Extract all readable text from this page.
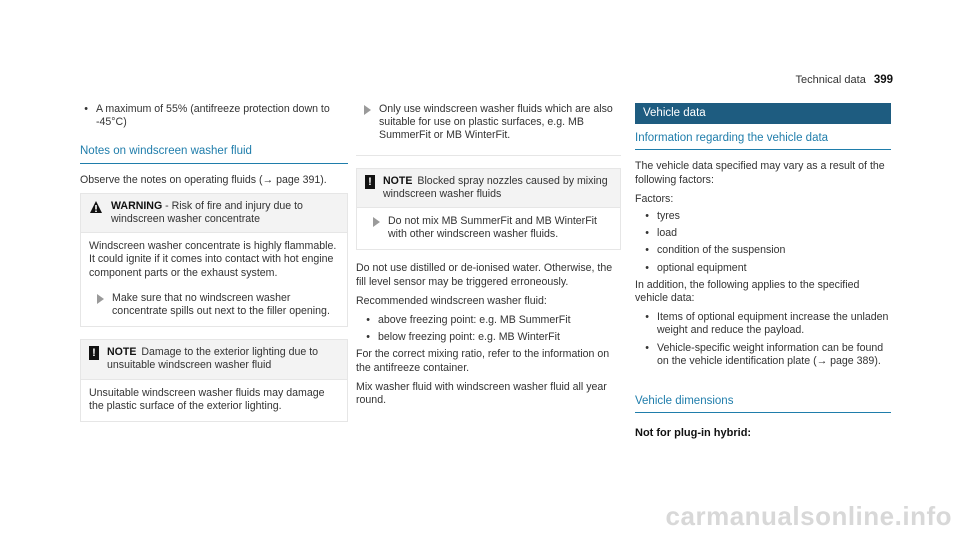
Technical data 399
• A maximum of 55% (antifreeze protection down to -45°C)
Notes on windscreen washer fluid

Observe the notes on operating fluids (→ page 391).

WARNING - Risk of fire and injury due to windscreen washer concentrate

Windscreen washer concentrate is highly flammable. It could ignite if it comes into contact with hot engine component parts or the exhaust system.

Make sure that no windscreen washer concentrate spills out next to the filler opening.
! NOTE Damage to the exterior lighting due to unsuitable windscreen washer fluid
Unsuitable windscreen washer fluids may damage the plastic surface of the exterior lighting.
Only use windscreen washer fluids which are also suitable for use on plastic surfaces, e.g. MB SummerFit or MB WinterFit.
! NOTE Blocked spray nozzles caused by mixing windscreen washer fluids
Do not mix MB SummerFit and MB WinterFit with other windscreen washer fluids.

Do not use distilled or de-ionised water. Otherwise, the fill level sensor may be triggered erroneously.

Recommended windscreen washer fluid:

• above freezing point: e.g. MB SummerFit
• below freezing point: e.g. MB WinterFit

For the correct mixing ratio, refer to the information on the antifreeze container.

Mix washer fluid with windscreen washer fluid all year round.

Vehicle data
Information regarding the vehicle data

The vehicle data specified may vary as a result of the following factors:

Factors:

• tyres
• load
• condition of the suspension
• optional equipment

In addition, the following applies to the specified vehicle data:

• Items of optional equipment increase the unladen weight and reduce the payload.
• Vehicle-specific weight information can be found on the vehicle identification plate (→ page 389).
Vehicle dimensions
Not for plug-in hybrid:
carmanualsonline.info
